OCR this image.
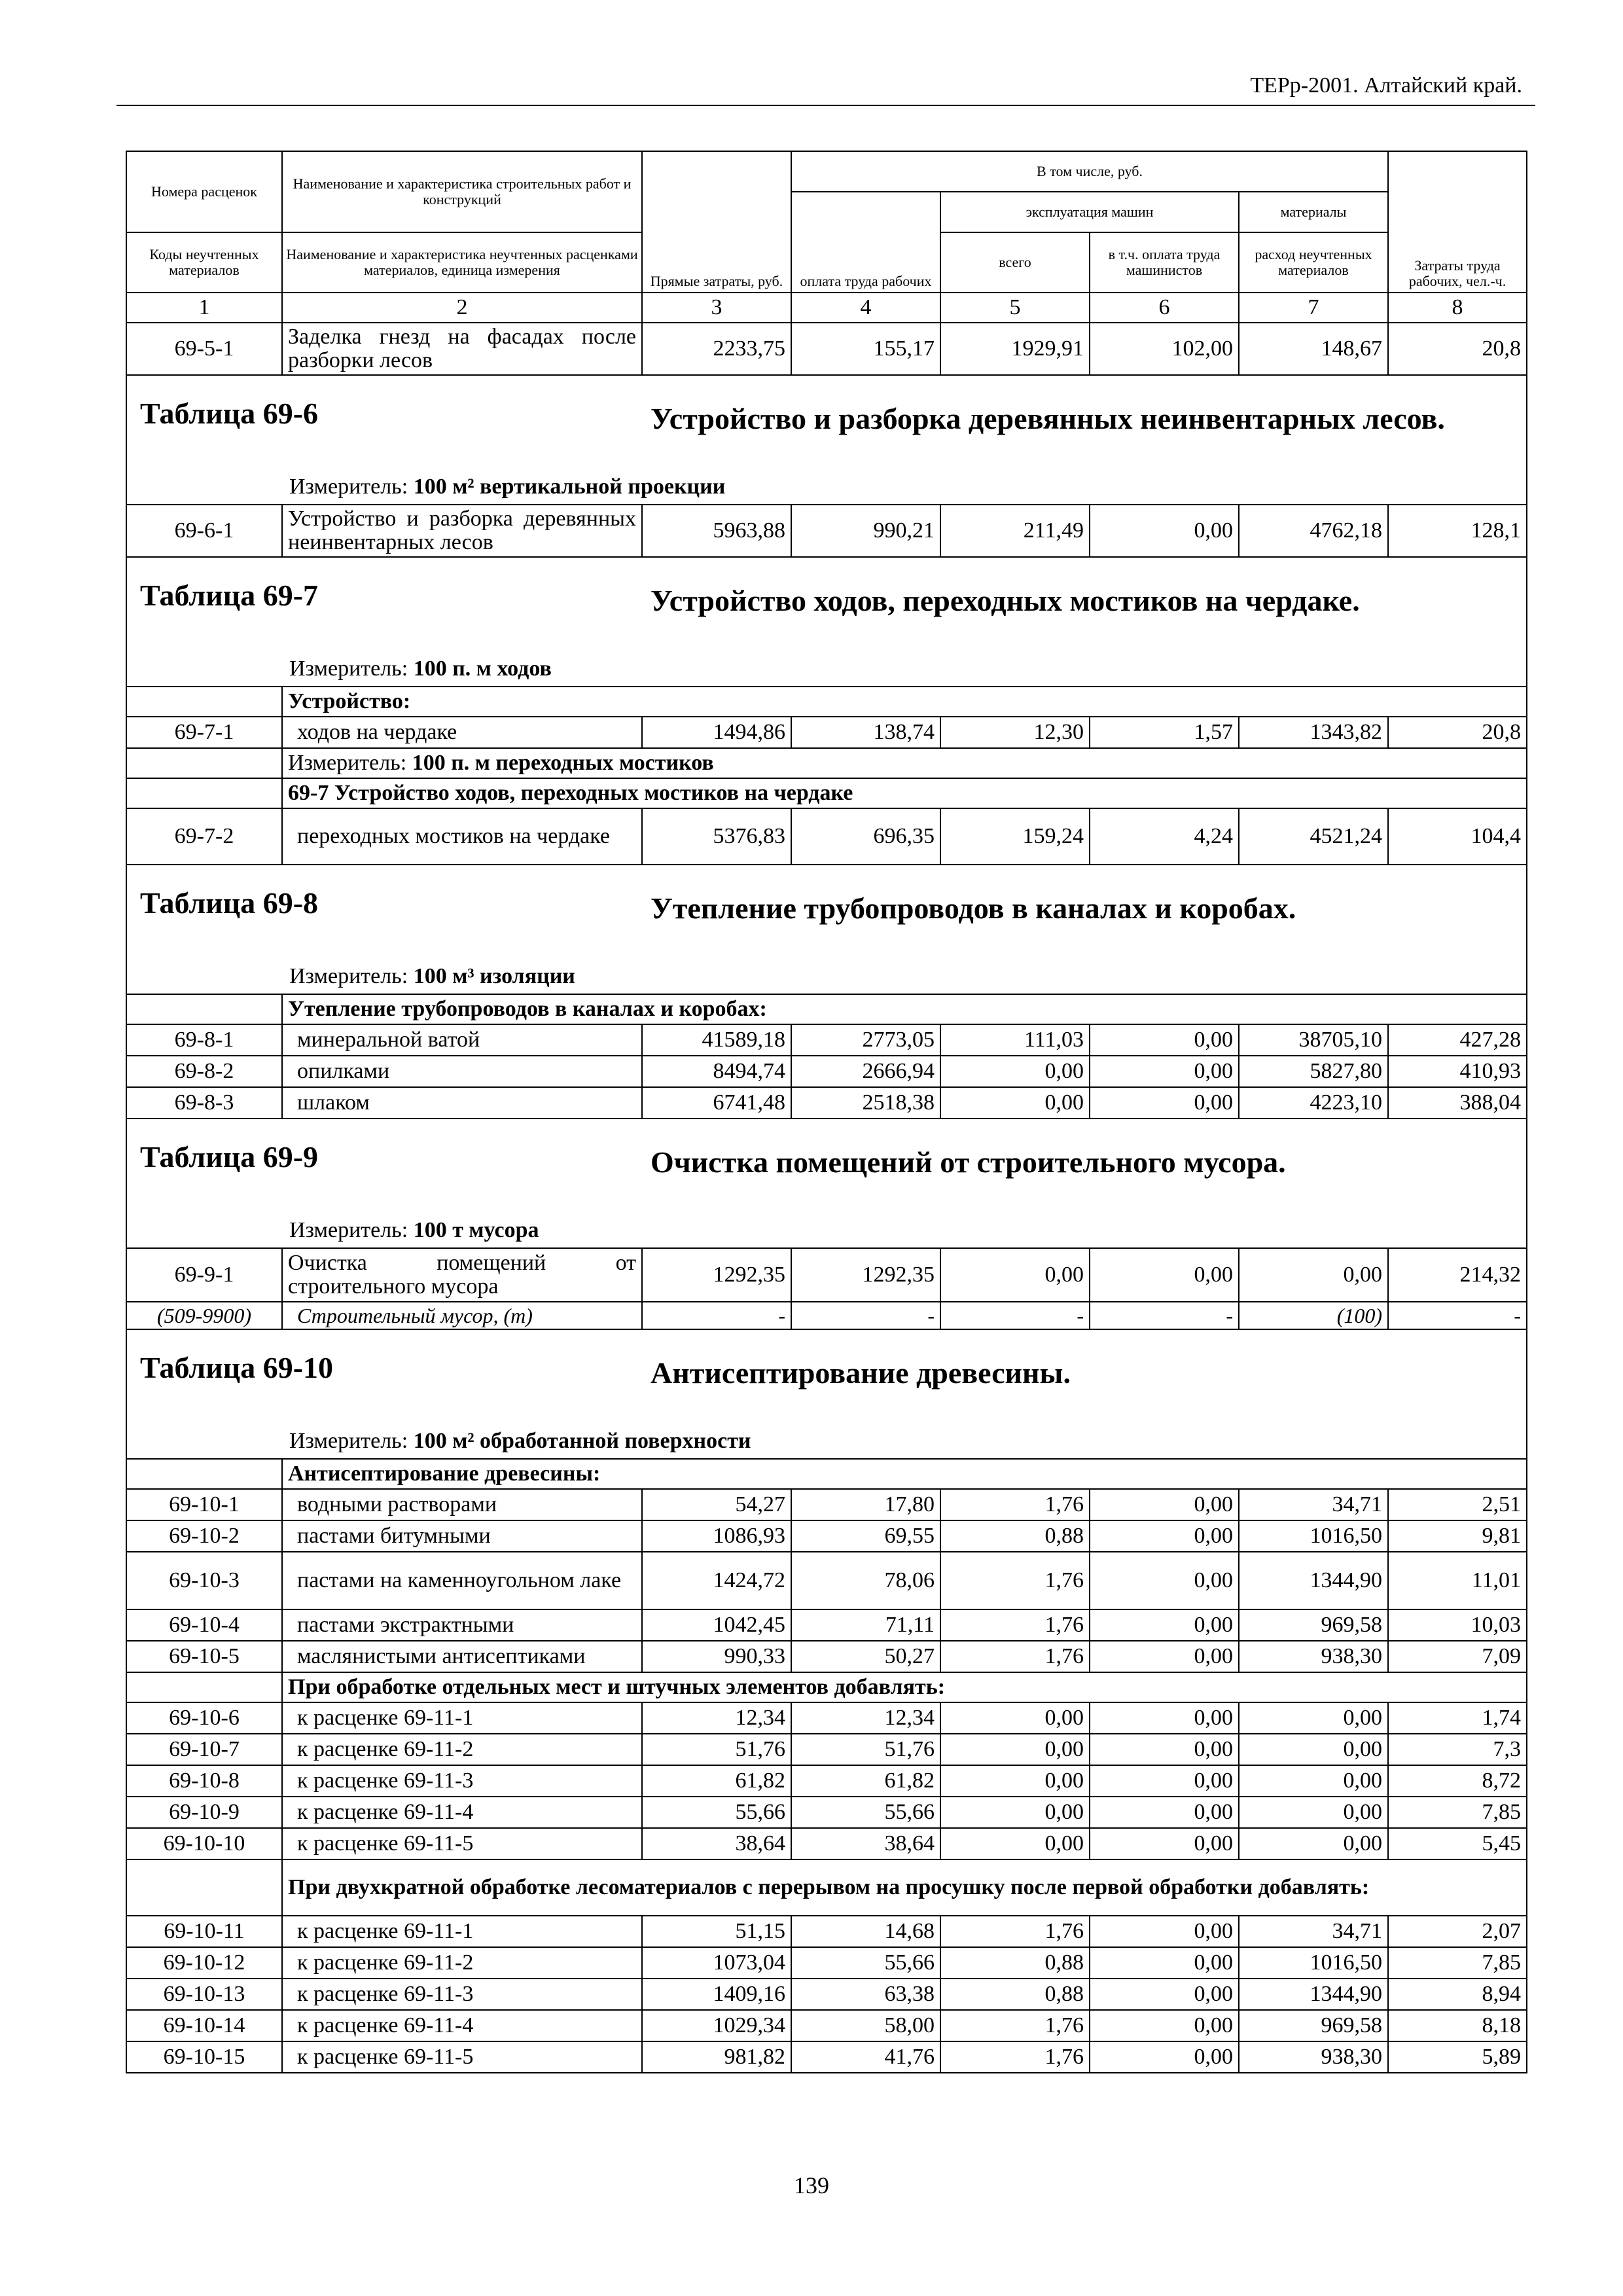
ТЕРр-2001. Алтайский край.
Номера расценок	Наименование и характеристика строительных работ и конструкций	Прямые затраты, руб.	В том числе, руб.				Затраты труда рабочих, чел.-ч.
			оплата труда рабочих	эксплуатация машин		материалы	
Коды неучтенных материалов	Наименование и характеристика неучтенных расценками материалов, единица измерения			всего	в т.ч. оплата труда машинистов	расход неучтенных материалов	
1	2	3	4	5	6	7	8
69-5-1	Заделка гнезд на фасадах после разборки лесов	2233,75	155,17	1929,91	102,00	148,67	20,8

Таблица 69-6 Устройство и разборка деревянных неинвентарных лесов.
Измеритель: 100 м² вертикальной проекции							

69-6-1	Устройство и разборка деревянных неинвентарных лесов	5963,88	990,21	211,49	0,00	4762,18	128,1

Таблица 69-7 Устройство ходов, переходных мостиков на чердаке.
Измеритель: 100 п. м ходов							

	Устройство:						
69-7-1	ходов на чердаке	1494,86	138,74	12,30	1,57	1343,82	20,8
	Измеритель: 100 п. м переходных мостиков						
	69-7 Устройство ходов, переходных мостиков на чердаке						
69-7-2	переходных мостиков на чердаке	5376,83	696,35	159,24	4,24	4521,24	104,4

Таблица 69-8 Утепление трубопроводов в каналах и коробах.
Измеритель: 100 м³ изоляции							

	Утепление трубопроводов в каналах и коробах:						
69-8-1	минеральной ватой	41589,18	2773,05	111,03	0,00	38705,10	427,28
69-8-2	опилками	8494,74	2666,94	0,00	0,00	5827,80	410,93
69-8-3	шлаком	6741,48	2518,38	0,00	0,00	4223,10	388,04

Таблица 69-9 Очистка помещений от строительного мусора.
Измеритель: 100 т мусора							

69-9-1	Очистка помещений от строительного мусора	1292,35	1292,35	0,00	0,00	0,00	214,32
(509-9900)	Строительный мусор, (т)	-	-	-	-	(100)	-

Таблица 69-10 Антисептирование древесины.
Измеритель: 100 м² обработанной поверхности							

	Антисептирование древесины:						
69-10-1	водными растворами	54,27	17,80	1,76	0,00	34,71	2,51
69-10-2	пастами битумными	1086,93	69,55	0,88	0,00	1016,50	9,81
69-10-3	пастами на каменноугольном лаке	1424,72	78,06	1,76	0,00	1344,90	11,01
69-10-4	пастами экстрактными	1042,45	71,11	1,76	0,00	969,58	10,03
69-10-5	маслянистыми антисептиками	990,33	50,27	1,76	0,00	938,30	7,09
	При обработке отдельных мест и штучных элементов добавлять:						
69-10-6	к расценке 69-11-1	12,34	12,34	0,00	0,00	0,00	1,74
69-10-7	к расценке 69-11-2	51,76	51,76	0,00	0,00	0,00	7,3
69-10-8	к расценке 69-11-3	61,82	61,82	0,00	0,00	0,00	8,72
69-10-9	к расценке 69-11-4	55,66	55,66	0,00	0,00	0,00	7,85
69-10-10	к расценке 69-11-5	38,64	38,64	0,00	0,00	0,00	5,45
	При двухкратной обработке лесоматериалов с перерывом на просушку после первой обработки добавлять:						
69-10-11	к расценке 69-11-1	51,15	14,68	1,76	0,00	34,71	2,07
69-10-12	к расценке 69-11-2	1073,04	55,66	0,88	0,00	1016,50	7,85
69-10-13	к расценке 69-11-3	1409,16	63,38	0,88	0,00	1344,90	8,94
69-10-14	к расценке 69-11-4	1029,34	58,00	1,76	0,00	969,58	8,18
69-10-15	к расценке 69-11-5	981,82	41,76	1,76	0,00	938,30	5,89
139
